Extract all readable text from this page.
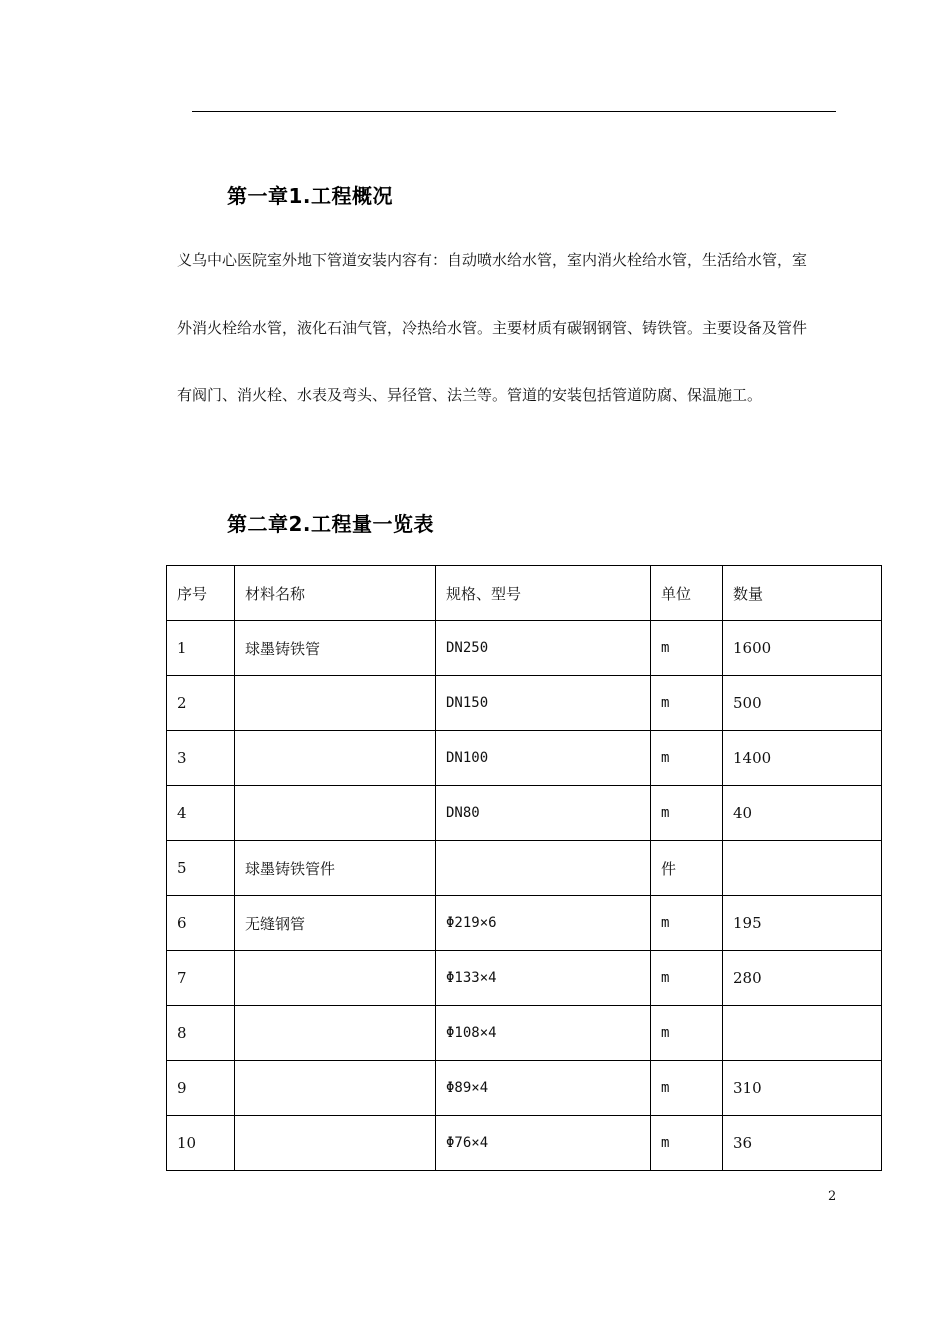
第一章1.工程概况

义乌中心医院室外地下管道安装内容有：自动喷水给水管，室内消火栓给水管，生活给水管，室

外消火栓给水管，液化石油气管，冷热给水管。主要材质有碳钢钢管、铸铁管。主要设备及管件

有阀门、消火栓、水表及弯头、异径管、法兰等。管道的安装包括管道防腐、保温施工。

第二章2.工程量一览表
序号	材料名称	规格、型号	单位	数量
1	球墨铸铁管	DN250	m	1600
2		DN150	m	500
3		DN100	m	1400
4		DN80	m	40
5	球墨铸铁管件		件	
6	无缝钢管	Φ219×6	m	195
7		Φ133×4	m	280
8		Φ108×4	m	
9		Φ89×4	m	310
10		Φ76×4	m	36
2
